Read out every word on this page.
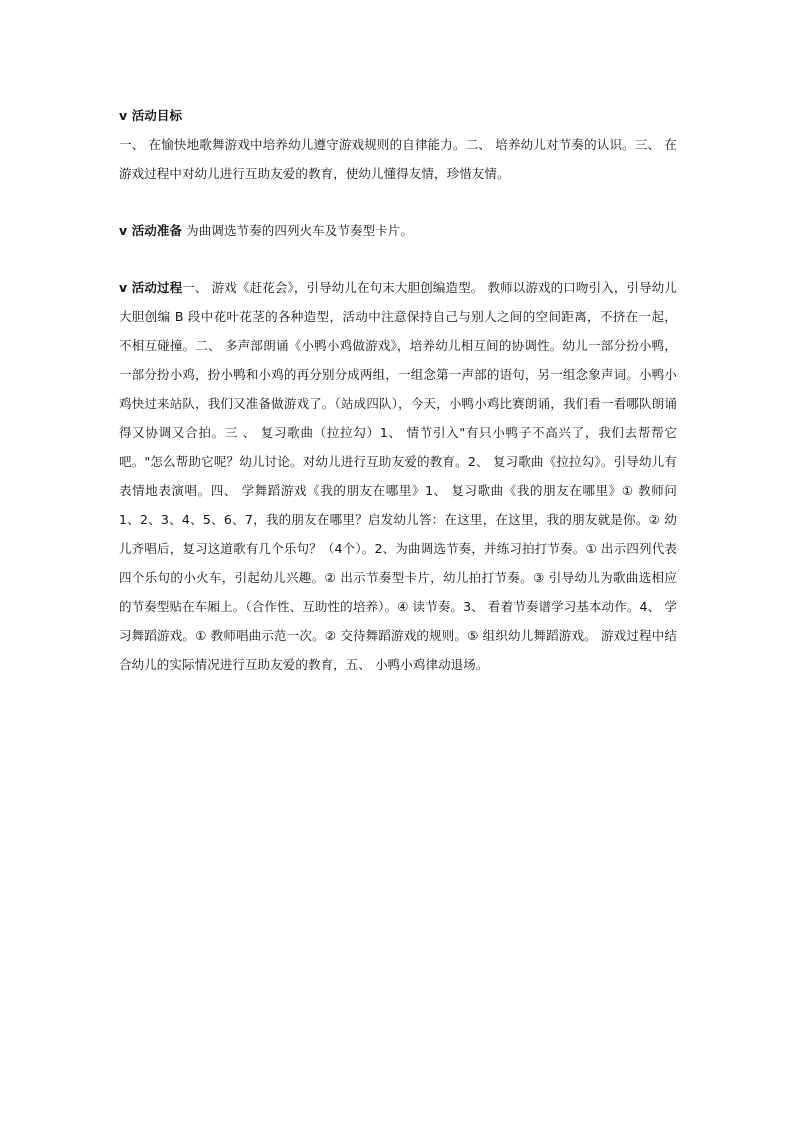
v 活动目标
一、 在愉快地歌舞游戏中培养幼儿遵守游戏规则的自律能力。二、 培养幼儿对节奏的认识。三、 在游戏过程中对幼儿进行互助友爱的教育，使幼儿懂得友情，珍惜友情。

v 活动准备 为曲调选节奏的四列火车及节奏型卡片。

v 活动过程一、 游戏《赶花会》，引导幼儿在句末大胆创编造型。 教师以游戏的口吻引入，引导幼儿大胆创编 B 段中花叶花茎的各种造型，活动中注意保持自己与别人之间的空间距离，不挤在一起，不相互碰撞。二、 多声部朗诵《小鸭小鸡做游戏》，培养幼儿相互间的协调性。幼儿一部分扮小鸭，一部分扮小鸡，扮小鸭和小鸡的再分别分成两组，一组念第一声部的语句，另一组念象声词。小鸭小鸡快过来站队，我们又准备做游戏了。（站成四队），今天，小鸭小鸡比赛朗诵，我们看一看哪队朗诵得又协调又合拍。三 、 复习歌曲（拉拉勾）1、 情节引入"有只小鸭子不高兴了，我们去帮帮它吧。"怎么帮助它呢？幼儿讨论。对幼儿进行互助友爱的教育。2、 复习歌曲《拉拉勾》。引导幼儿有表情地表演唱。四、 学舞蹈游戏《我的朋友在哪里》1、 复习歌曲《我的朋友在哪里》① 教师问 1、2、3、4、5、6、7，我的朋友在哪里？启发幼儿答：在这里，在这里，我的朋友就是你。② 幼儿齐唱后，复习这道歌有几个乐句？（4个）。2、为曲调选节奏，并练习拍打节奏。① 出示四列代表四个乐句的小火车，引起幼儿兴趣。② 出示节奏型卡片，幼儿拍打节奏。③ 引导幼儿为歌曲选相应的节奏型贴在车厢上。（合作性、互助性的培养）。④ 读节奏。3、 看着节奏谱学习基本动作。4、 学习舞蹈游戏。① 教师唱曲示范一次。② 交待舞蹈游戏的规则。⑤ 组织幼儿舞蹈游戏。 游戏过程中结合幼儿的实际情况进行互助友爱的教育，五、 小鸭小鸡律动退场。
